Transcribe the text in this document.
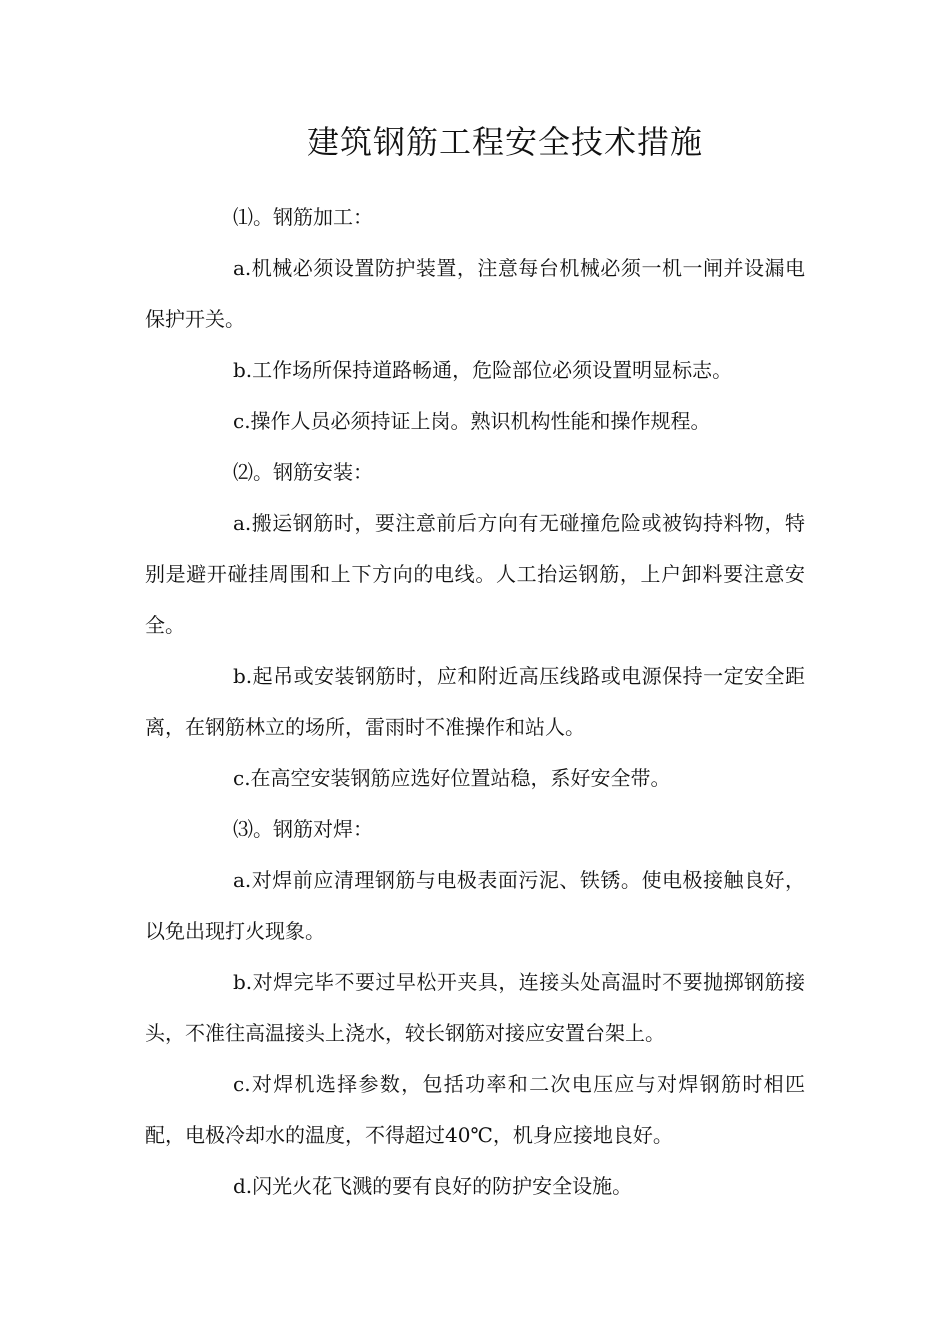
建筑钢筋工程安全技术措施

⑴。钢筋加工：

a.机械必须设置防护装置，注意每台机械必须一机一闸并设漏电保护开关。

b.工作场所保持道路畅通，危险部位必须设置明显标志。

c.操作人员必须持证上岗。熟识机构性能和操作规程。

⑵。钢筋安装：

a.搬运钢筋时，要注意前后方向有无碰撞危险或被钩持料物，特别是避开碰挂周围和上下方向的电线。人工抬运钢筋，上户卸料要注意安全。

b.起吊或安装钢筋时，应和附近高压线路或电源保持一定安全距离，在钢筋林立的场所，雷雨时不准操作和站人。

c.在高空安装钢筋应选好位置站稳，系好安全带。

⑶。钢筋对焊：

a.对焊前应清理钢筋与电极表面污泥、铁锈。使电极接触良好，以免出现打火现象。

b.对焊完毕不要过早松开夹具，连接头处高温时不要抛掷钢筋接头，不准往高温接头上浇水，较长钢筋对接应安置台架上。

c.对焊机选择参数，包括功率和二次电压应与对焊钢筋时相匹配，电极冷却水的温度，不得超过40℃，机身应接地良好。

d.闪光火花飞溅的要有良好的防护安全设施。
